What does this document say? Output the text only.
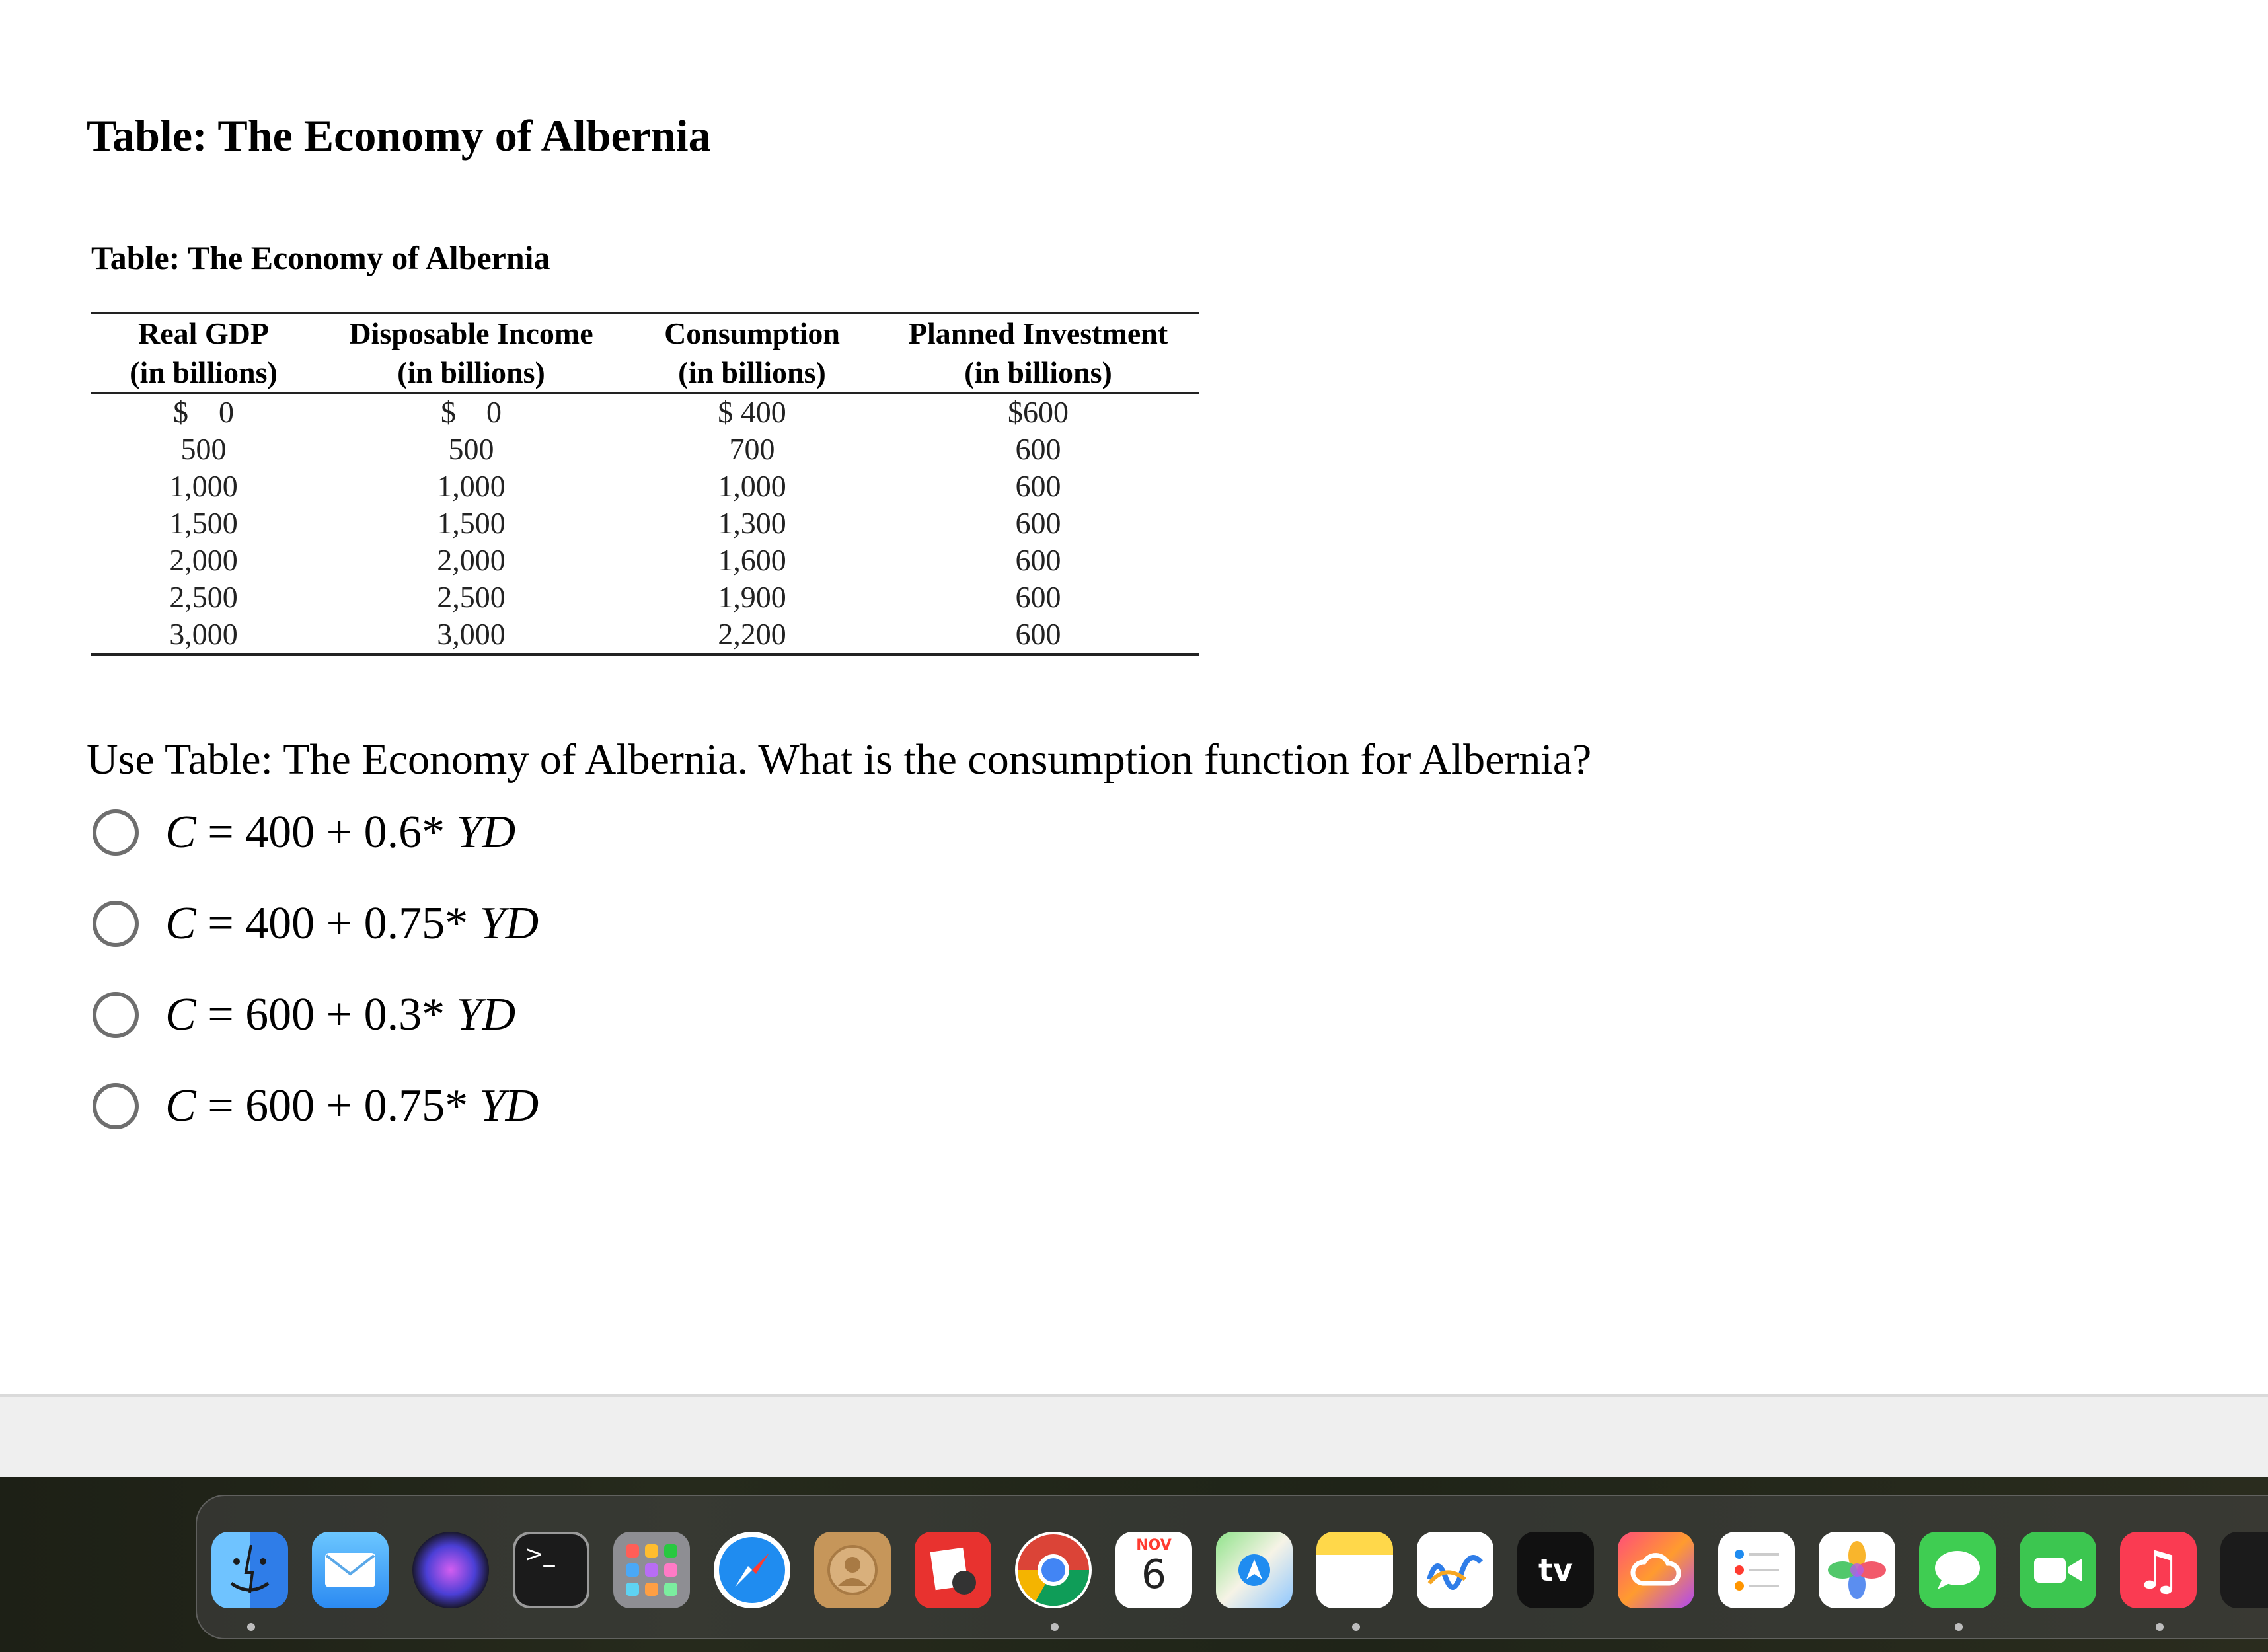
Table: The Economy of Albernia
Table: The Economy of Albernia
Real GDP	Disposable Income	Consumption	Planned Investment
(in billions)	(in billions)	(in billions)	(in billions)
$    0	$    0	$ 400	$600
500	500	700	600
1,000	1,000	1,000	600
1,500	1,500	1,300	600
2,000	2,000	1,600	600
2,500	2,500	1,900	600
3,000	3,000	2,200	600
Use Table: The Economy of Albernia. What is the consumption function for Albernia?
C = 400 + 0.6* YD
C = 400 + 0.75* YD
C = 600 + 0.3* YD
C = 600 + 0.75* YD
>_	NOV
6	tv	♫
